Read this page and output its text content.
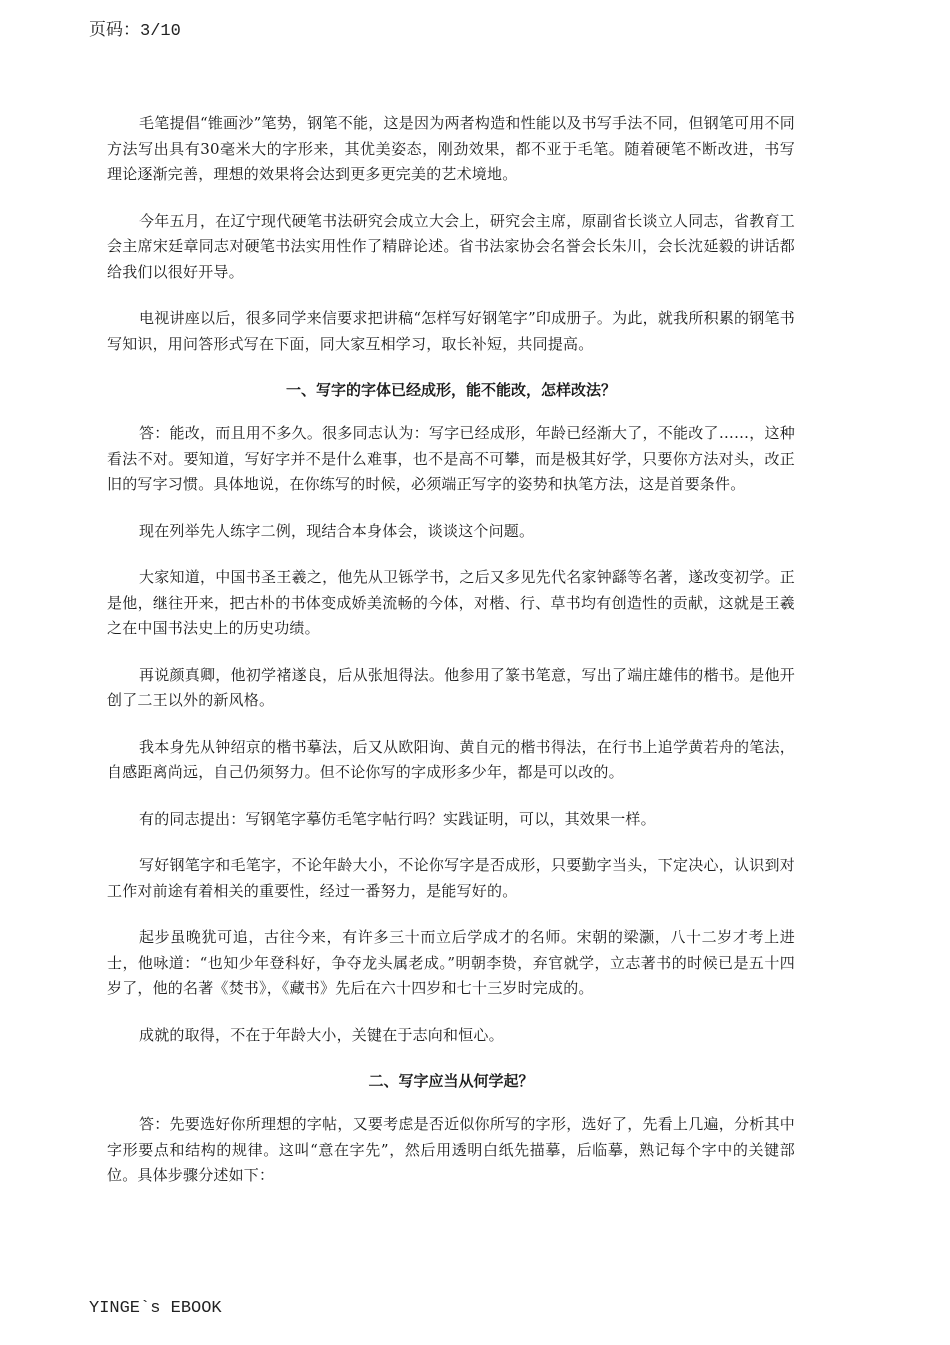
页码：3/10

毛笔提倡“锥画沙”笔势，钢笔不能，这是因为两者构造和性能以及书写手法不同，但钢笔可用不同方法写出具有30毫米大的字形来，其优美姿态，刚劲效果，都不亚于毛笔。随着硬笔不断改进，书写理论逐渐完善，理想的效果将会达到更多更完美的艺术境地。

今年五月，在辽宁现代硬笔书法研究会成立大会上，研究会主席，原副省长谈立人同志，省教育工会主席宋廷章同志对硬笔书法实用性作了精辟论述。省书法家协会名誉会长朱川，会长沈延毅的讲话都给我们以很好开导。

电视讲座以后，很多同学来信要求把讲稿“怎样写好钢笔字”印成册子。为此，就我所积累的钢笔书写知识，用问答形式写在下面，同大家互相学习，取长补短，共同提高。

一、写字的字体已经成形，能不能改，怎样改法？

答：能改，而且用不多久。很多同志认为：写字已经成形，年龄已经渐大了，不能改了……，这种看法不对。要知道，写好字并不是什么难事，也不是高不可攀，而是极其好学，只要你方法对头，改正旧的写字习惯。具体地说，在你练写的时候，必须端正写字的姿势和执笔方法，这是首要条件。

现在列举先人练字二例，现结合本身体会，谈谈这个问题。

大家知道，中国书圣王羲之，他先从卫铄学书，之后又多见先代名家钟繇等名著，遂改变初学。正是他，继往开来，把古朴的书体变成娇美流畅的今体，对楷、行、草书均有创造性的贡献，这就是王羲之在中国书法史上的历史功绩。

再说颜真卿，他初学褚遂良，后从张旭得法。他参用了篆书笔意，写出了端庄雄伟的楷书。是他开创了二王以外的新风格。

我本身先从钟绍京的楷书摹法，后又从欧阳询、黄自元的楷书得法，在行书上追学黄若舟的笔法，自感距离尚远，自己仍须努力。但不论你写的字成形多少年，都是可以改的。

有的同志提出：写钢笔字摹仿毛笔字帖行吗？实践证明，可以，其效果一样。

写好钢笔字和毛笔字，不论年龄大小，不论你写字是否成形，只要勤字当头，下定决心，认识到对工作对前途有着相关的重要性，经过一番努力，是能写好的。

起步虽晚犹可追，古往今来，有许多三十而立后学成才的名师。宋朝的梁灏，八十二岁才考上进士，他咏道：“也知少年登科好，争夺龙头属老成。”明朝李贽，弃官就学，立志著书的时候已是五十四岁了，他的名著《焚书》，《藏书》先后在六十四岁和七十三岁时完成的。

成就的取得，不在于年龄大小，关键在于志向和恒心。

二、写字应当从何学起？

答：先要选好你所理想的字帖，又要考虑是否近似你所写的字形，选好了，先看上几遍，分析其中字形要点和结构的规律。这叫“意在字先”，然后用透明白纸先描摹，后临摹，熟记每个字中的关键部位。具体步骤分述如下：

YINGE`s EBOOK
